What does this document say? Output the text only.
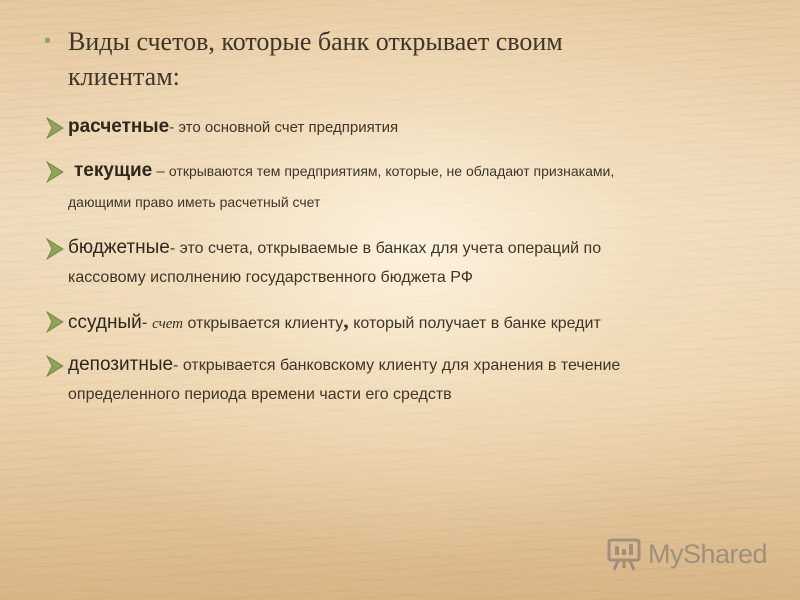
• Виды счетов, которые банк открывает своим
клиентам:
расчетные- это основной счет предприятия
текущие – открываются тем предприятиям, которые, не обладают признаками,
дающими право иметь расчетный счет
бюджетные- это счета, открываемые в банках для учета операций по
кассовому исполнению государственного бюджета РФ
ссудный- счет открывается клиенту, который получает в банке кредит
депозитные- открывается банковскому клиенту для хранения в течение
определенного периода времени части его средств
MyShared
